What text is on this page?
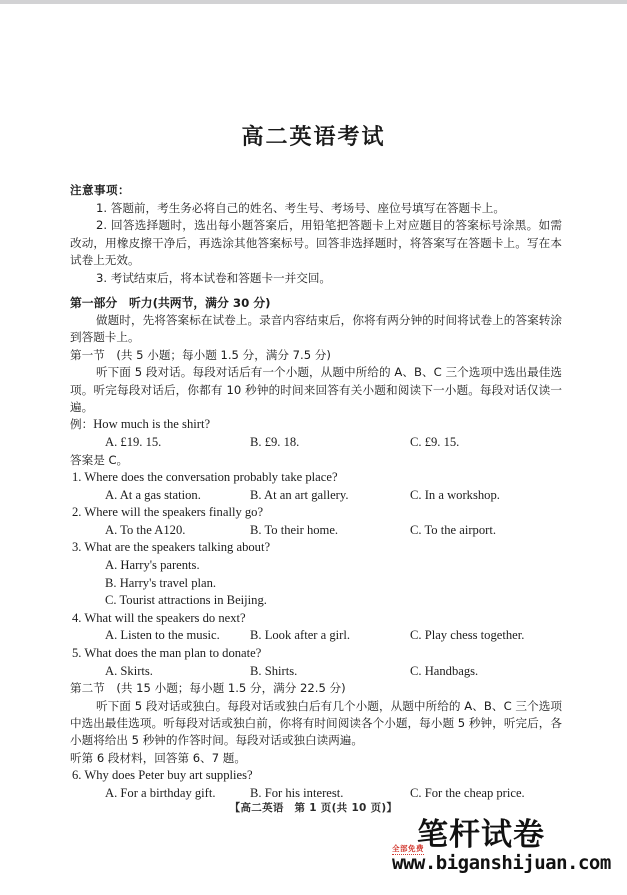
高二英语考试
注意事项：

1. 答题前，考生务必将自己的姓名、考生号、考场号、座位号填写在答题卡上。

2. 回答选择题时，选出每小题答案后，用铅笔把答题卡上对应题目的答案标号涂黑。如需改动，用橡皮擦干净后，再选涂其他答案标号。回答非选择题时，将答案写在答题卡上。写在本试卷上无效。

3. 考试结束后，将本试卷和答题卡一并交回。

第一部分　听力(共两节，满分 30 分)

做题时，先将答案标在试卷上。录音内容结束后，你将有两分钟的时间将试卷上的答案转涂到答题卡上。

第一节　(共 5 小题；每小题 1.5 分，满分 7.5 分)

听下面 5 段对话。每段对话后有一个小题，从题中所给的 A、B、C 三个选项中选出最佳选项。听完每段对话后，你都有 10 秒钟的时间来回答有关小题和阅读下一小题。每段对话仅读一遍。

例：How much is the shirt?
A. £19. 15.	B. £9. 18.	C. £9. 15.
答案是 C。
1. Where does the conversation probably take place?
A. At a gas station.	B. At an art gallery.	C. In a workshop.
2. Where will the speakers finally go?
A. To the A120.	B. To their home.	C. To the airport.
3. What are the speakers talking about?
A. Harry's parents.
B. Harry's travel plan.
C. Tourist attractions in Beijing.
4. What will the speakers do next?
A. Listen to the music. B. Look after a girl.	C. Play chess together.
5. What does the man plan to donate?
A. Skirts.	B. Shirts.	C. Handbags.
第二节　(共 15 小题；每小题 1.5 分，满分 22.5 分)

听下面 5 段对话或独白。每段对话或独白后有几个小题，从题中所给的 A、B、C 三个选项中选出最佳选项。听每段对话或独白前，你将有时间阅读各个小题，每小题 5 秒钟，听完后，各小题将给出 5 秒钟的作答时间。每段对话或独白读两遍。

听第 6 段材料，回答第 6、7 题。
6. Why does Peter buy art supplies?
A. For a birthday gift.	B. For his interest.	C. For the cheap price.
【高二英语　第 1 页(共 10 页)】
笔杆试卷
www.biganshijuan.com
全部免费
